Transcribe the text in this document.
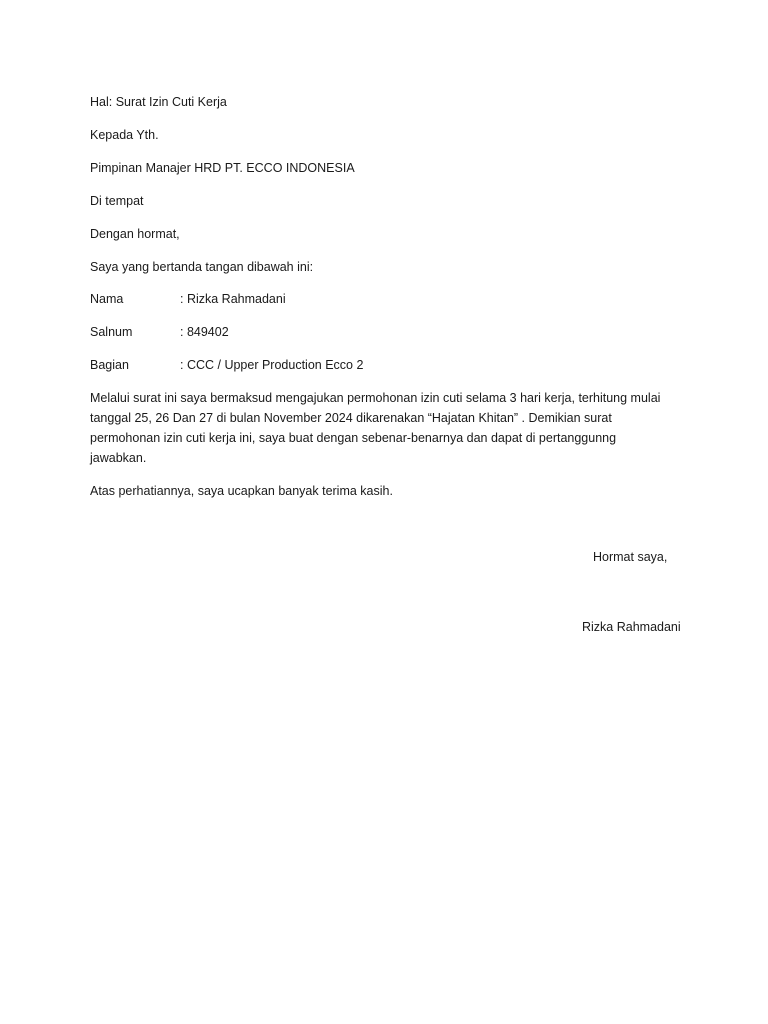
Hal: Surat Izin Cuti Kerja
Kepada Yth.
Pimpinan Manajer HRD PT. ECCO INDONESIA
Di tempat
Dengan hormat,
Saya yang bertanda tangan dibawah ini:
Nama	: Rizka Rahmadani
Salnum	: 849402
Bagian	: CCC / Upper Production Ecco 2
Melalui surat ini saya bermaksud mengajukan permohonan izin cuti selama 3 hari kerja, terhitung mulai
tanggal 25, 26 Dan 27 di bulan November 2024 dikarenakan “Hajatan Khitan” . Demikian surat
permohonan izin cuti kerja ini, saya buat dengan sebenar-benarnya dan dapat di pertanggunng
jawabkan.
Atas perhatiannya, saya ucapkan banyak terima kasih.
Hormat saya,
Rizka Rahmadani
